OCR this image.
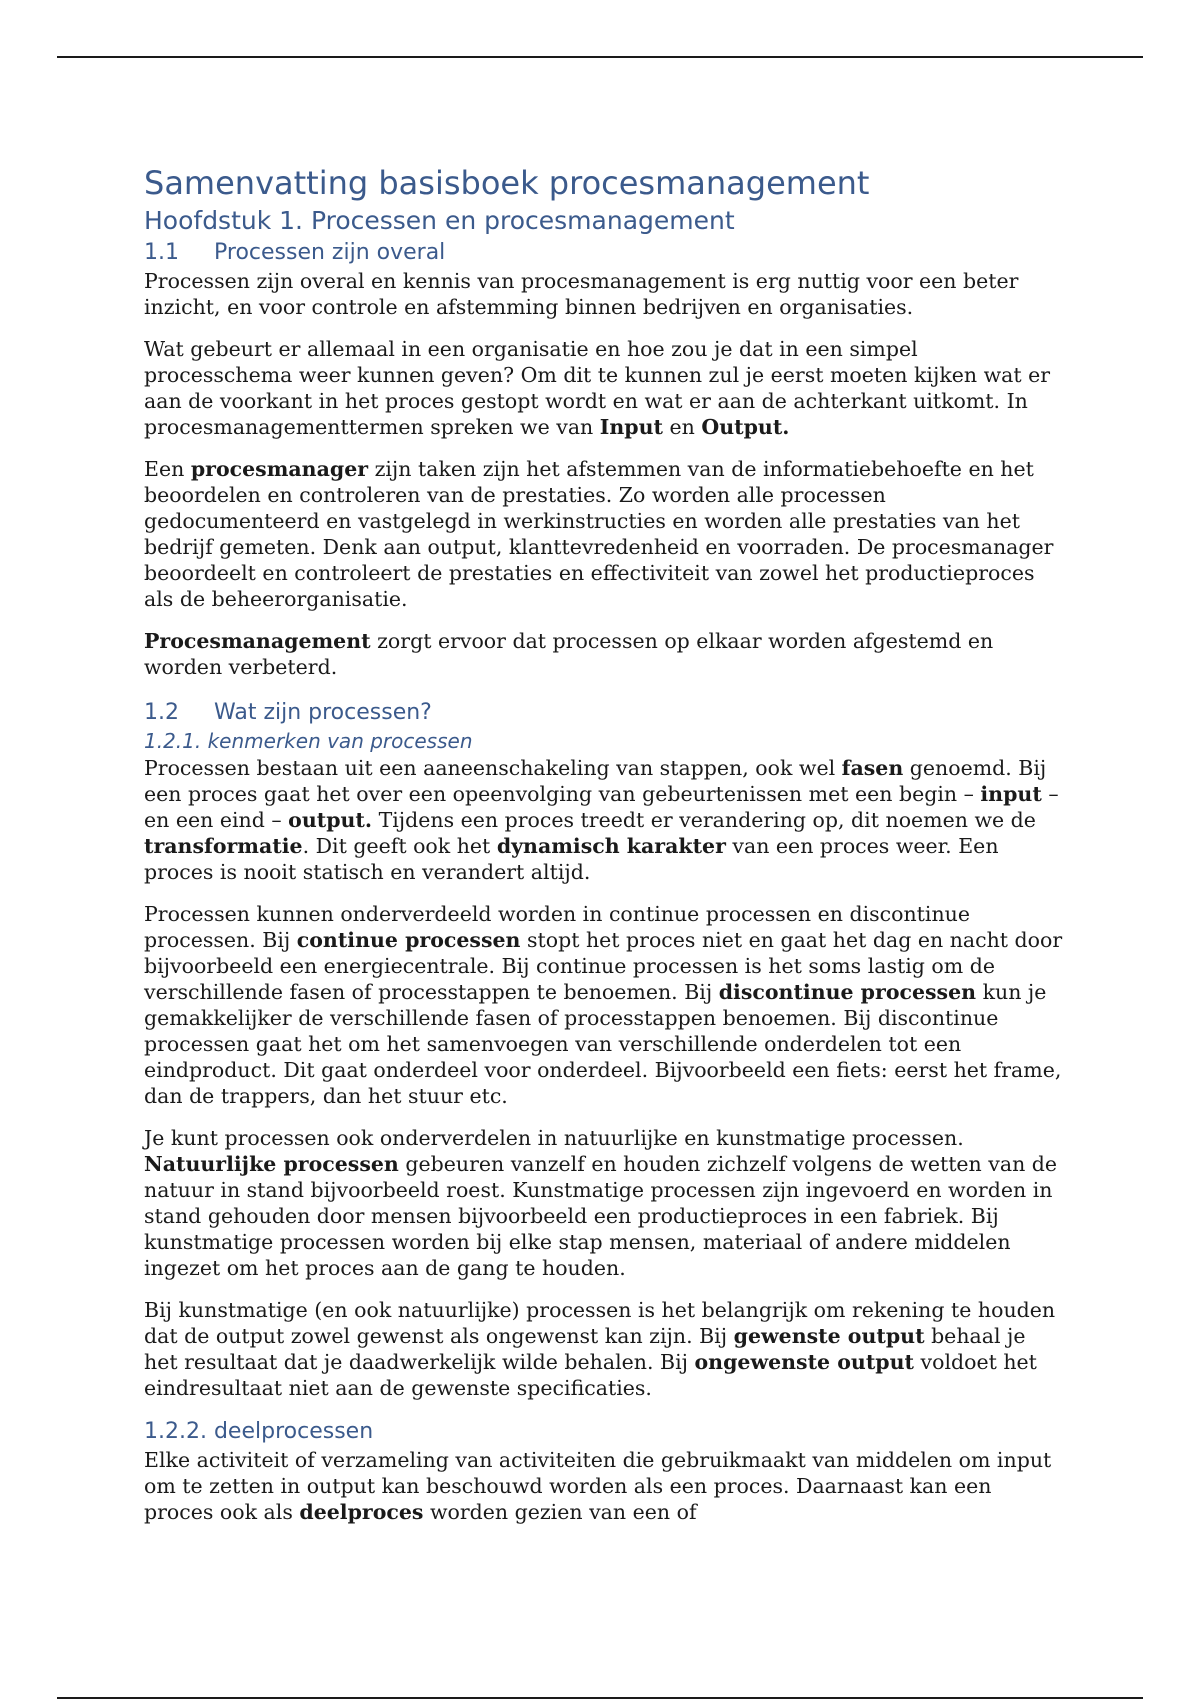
Samenvatting basisboek procesmanagement
Hoofdstuk 1. Processen en procesmanagement
1.1 Processen zijn overal

Processen zijn overal en kennis van procesmanagement is erg nuttig voor een beter inzicht, en voor controle en afstemming binnen bedrijven en organisaties.

Wat gebeurt er allemaal in een organisatie en hoe zou je dat in een simpel processchema weer kunnen geven? Om dit te kunnen zul je eerst moeten kijken wat er aan de voorkant in het proces gestopt wordt en wat er aan de achterkant uitkomt. In procesmanagementtermen spreken we van Input en Output.

Een procesmanager zijn taken zijn het afstemmen van de informatiebehoefte en het beoordelen en controleren van de prestaties. Zo worden alle processen gedocumenteerd en vastgelegd in werkinstructies en worden alle prestaties van het bedrijf gemeten. Denk aan output, klanttevredenheid en voorraden. De procesmanager beoordeelt en controleert de prestaties en effectiviteit van zowel het productieproces als de beheerorganisatie.

Procesmanagement zorgt ervoor dat processen op elkaar worden afgestemd en worden verbeterd.

1.2 Wat zijn processen?
1.2.1. kenmerken van processen

Processen bestaan uit een aaneenschakeling van stappen, ook wel fasen genoemd. Bij een proces gaat het over een opeenvolging van gebeurtenissen met een begin – input – en een eind – output. Tijdens een proces treedt er verandering op, dit noemen we de transformatie. Dit geeft ook het dynamisch karakter van een proces weer. Een proces is nooit statisch en verandert altijd.

Processen kunnen onderverdeeld worden in continue processen en discontinue processen. Bij continue processen stopt het proces niet en gaat het dag en nacht door bijvoorbeeld een energiecentrale. Bij continue processen is het soms lastig om de verschillende fasen of processtappen te benoemen. Bij discontinue processen kun je gemakkelijker de verschillende fasen of processtappen benoemen. Bij discontinue processen gaat het om het samenvoegen van verschillende onderdelen tot een eindproduct. Dit gaat onderdeel voor onderdeel. Bijvoorbeeld een fiets: eerst het frame, dan de trappers, dan het stuur etc.

Je kunt processen ook onderverdelen in natuurlijke en kunstmatige processen. Natuurlijke processen gebeuren vanzelf en houden zichzelf volgens de wetten van de natuur in stand bijvoorbeeld roest. Kunstmatige processen zijn ingevoerd en worden in stand gehouden door mensen bijvoorbeeld een productieproces in een fabriek. Bij kunstmatige processen worden bij elke stap mensen, materiaal of andere middelen ingezet om het proces aan de gang te houden.

Bij kunstmatige (en ook natuurlijke) processen is het belangrijk om rekening te houden dat de output zowel gewenst als ongewenst kan zijn. Bij gewenste output behaal je het resultaat dat je daadwerkelijk wilde behalen. Bij ongewenste output voldoet het eindresultaat niet aan de gewenste specificaties.

1.2.2. deelprocessen

Elke activiteit of verzameling van activiteiten die gebruikmaakt van middelen om input om te zetten in output kan beschouwd worden als een proces. Daarnaast kan een proces ook als deelproces worden gezien van een of
